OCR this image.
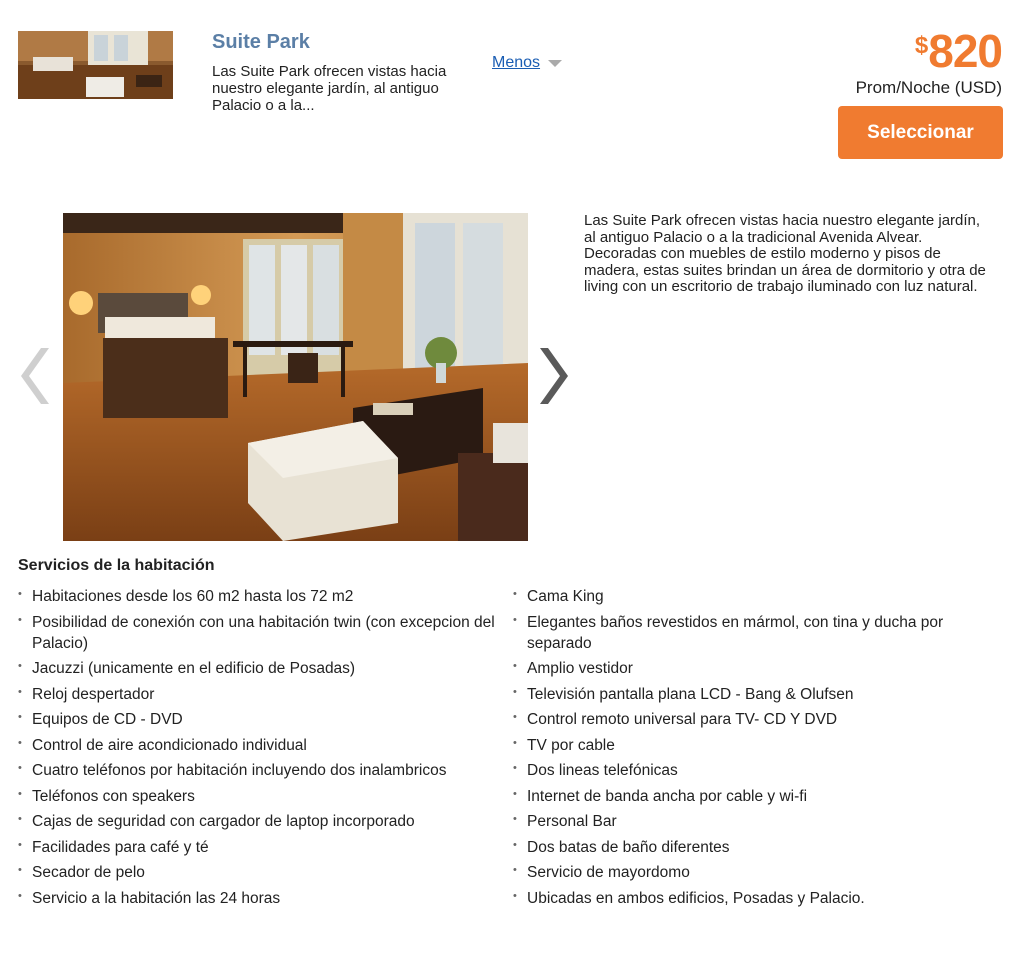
Suite Park
Las Suite Park ofrecen vistas hacia nuestro elegante jardín, al antiguo Palacio o a la...
Menos
$ 820
Prom/Noche (USD)
Seleccionar
Las Suite Park ofrecen vistas hacia nuestro elegante jardín, al antiguo Palacio o a la tradicional Avenida Alvear. Decoradas con muebles de estilo moderno y pisos de madera, estas suites brindan un área de dormitorio y otra de living con un escritorio de trabajo iluminado con luz natural.
Servicios de la habitación
• Habitaciones desde los 60 m2 hasta los 72 m2
• Posibilidad de conexión con una habitación twin (con excepcion del Palacio)
• Jacuzzi (unicamente en el edificio de Posadas)
• Reloj despertador
• Equipos de CD - DVD
• Control de aire acondicionado individual
• Cuatro teléfonos por habitación incluyendo dos inalambricos
• Teléfonos con speakers
• Cajas de seguridad con cargador de laptop incorporado
• Facilidades para café y té
• Secador de pelo
• Servicio a la habitación las 24 horas
• Cama King
• Elegantes baños revestidos en mármol, con tina y ducha por separado
• Amplio vestidor
• Televisión pantalla plana LCD - Bang & Olufsen
• Control remoto universal para TV- CD Y DVD
• TV por cable
• Dos lineas telefónicas
• Internet de banda ancha por cable y wi-fi
• Personal Bar
• Dos batas de baño diferentes
• Servicio de mayordomo
• Ubicadas en ambos edificios, Posadas y Palacio.
